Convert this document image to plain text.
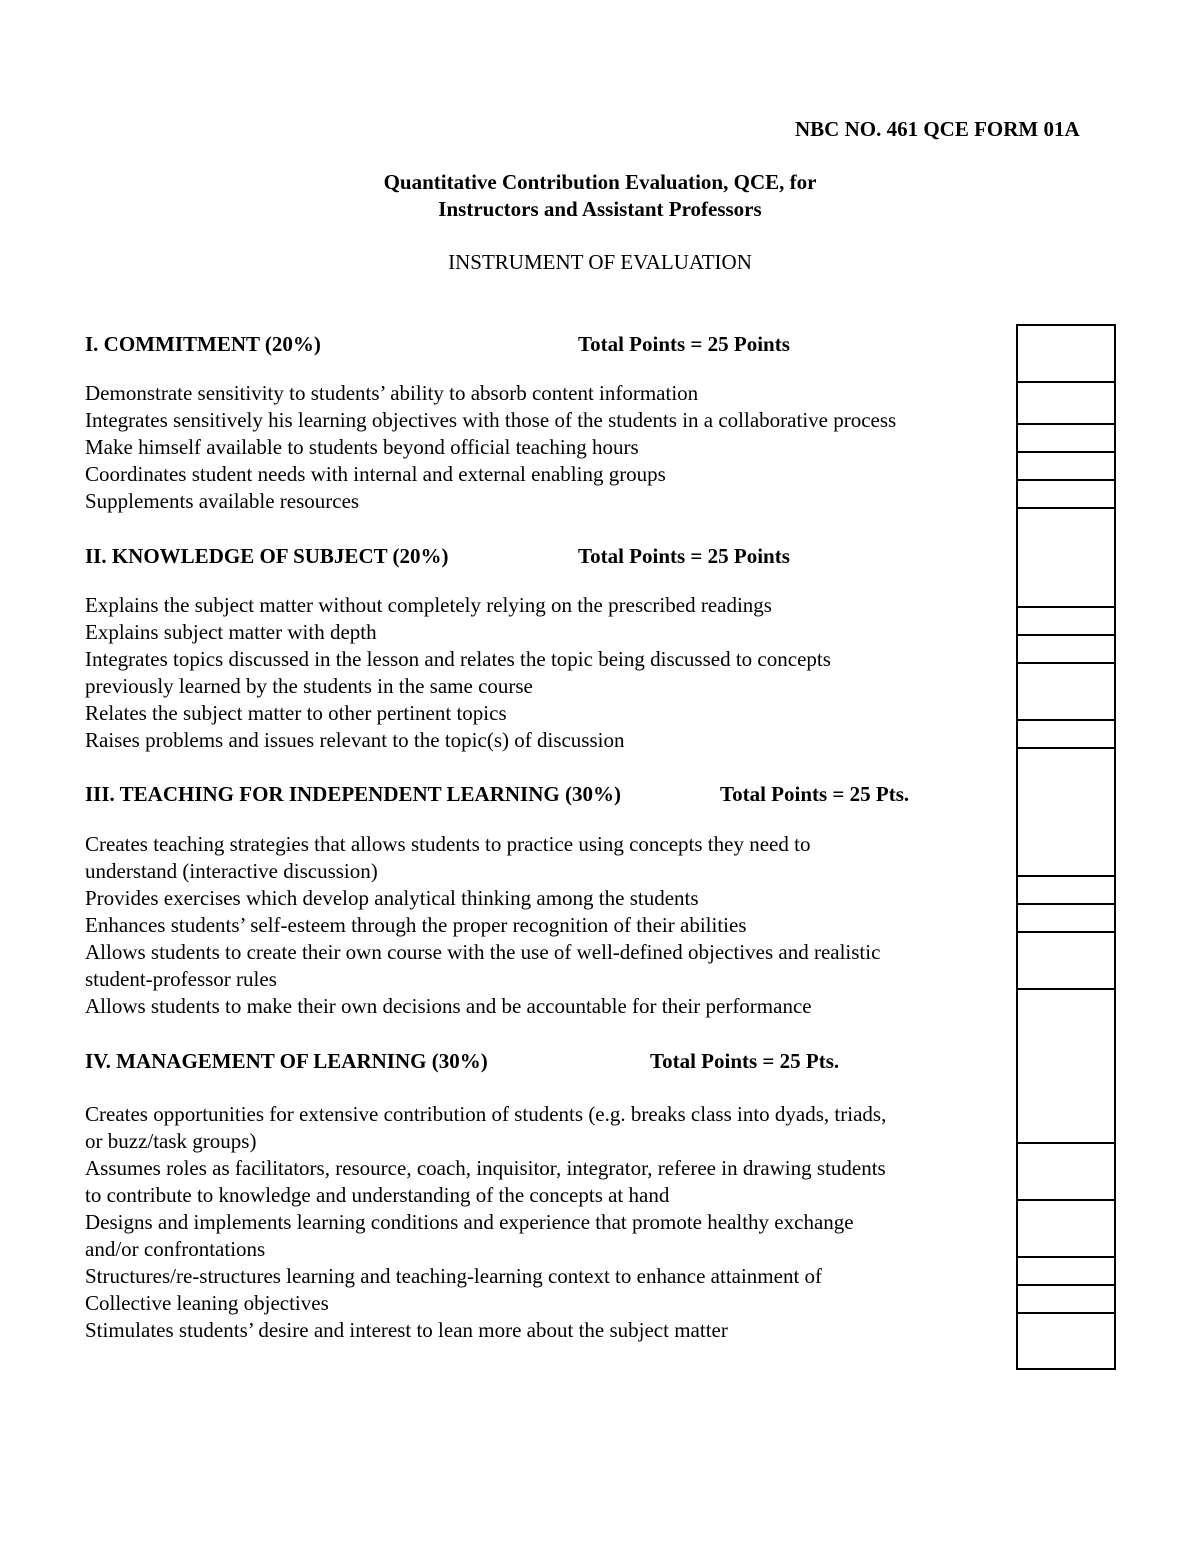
NBC NO. 461 QCE FORM 01A
Quantitative Contribution Evaluation, QCE, for
Instructors and Assistant Professors
INSTRUMENT OF EVALUATION
I. COMMITMENT (20%)	Total Points = 25 Points
Demonstrate sensitivity to students’ ability to absorb content information
Integrates sensitively his learning objectives with those of the students in a collaborative process
Make himself available to students beyond official teaching hours
Coordinates student needs with internal and external enabling groups
Supplements available resources
II. KNOWLEDGE OF SUBJECT (20%)	Total Points = 25 Points
Explains the subject matter without completely relying on the prescribed readings
Explains subject matter with depth
Integrates topics discussed in the lesson and relates the topic being discussed to concepts
previously learned by the students in the same course
Relates the subject matter to other pertinent topics
Raises problems and issues relevant to the topic(s) of discussion
III. TEACHING FOR INDEPENDENT LEARNING (30%)	Total Points = 25 Pts.
Creates teaching strategies that allows students to practice using concepts they need to
understand (interactive discussion)
Provides exercises which develop analytical thinking among the students
Enhances students’ self-esteem through the proper recognition of their abilities
Allows students to create their own course with the use of well-defined objectives and realistic
student-professor rules
Allows students to make their own decisions and be accountable for their performance
IV. MANAGEMENT OF LEARNING (30%)	Total Points = 25 Pts.
Creates opportunities for extensive contribution of students (e.g. breaks class into dyads, triads,
or buzz/task groups)
Assumes roles as facilitators, resource, coach, inquisitor, integrator, referee in drawing students
to contribute to knowledge and understanding of the concepts at hand
Designs and implements learning conditions and experience that promote healthy exchange
and/or confrontations
Structures/re-structures learning and teaching-learning context to enhance attainment of
Collective leaning objectives
Stimulates students’ desire and interest to lean more about the subject matter
